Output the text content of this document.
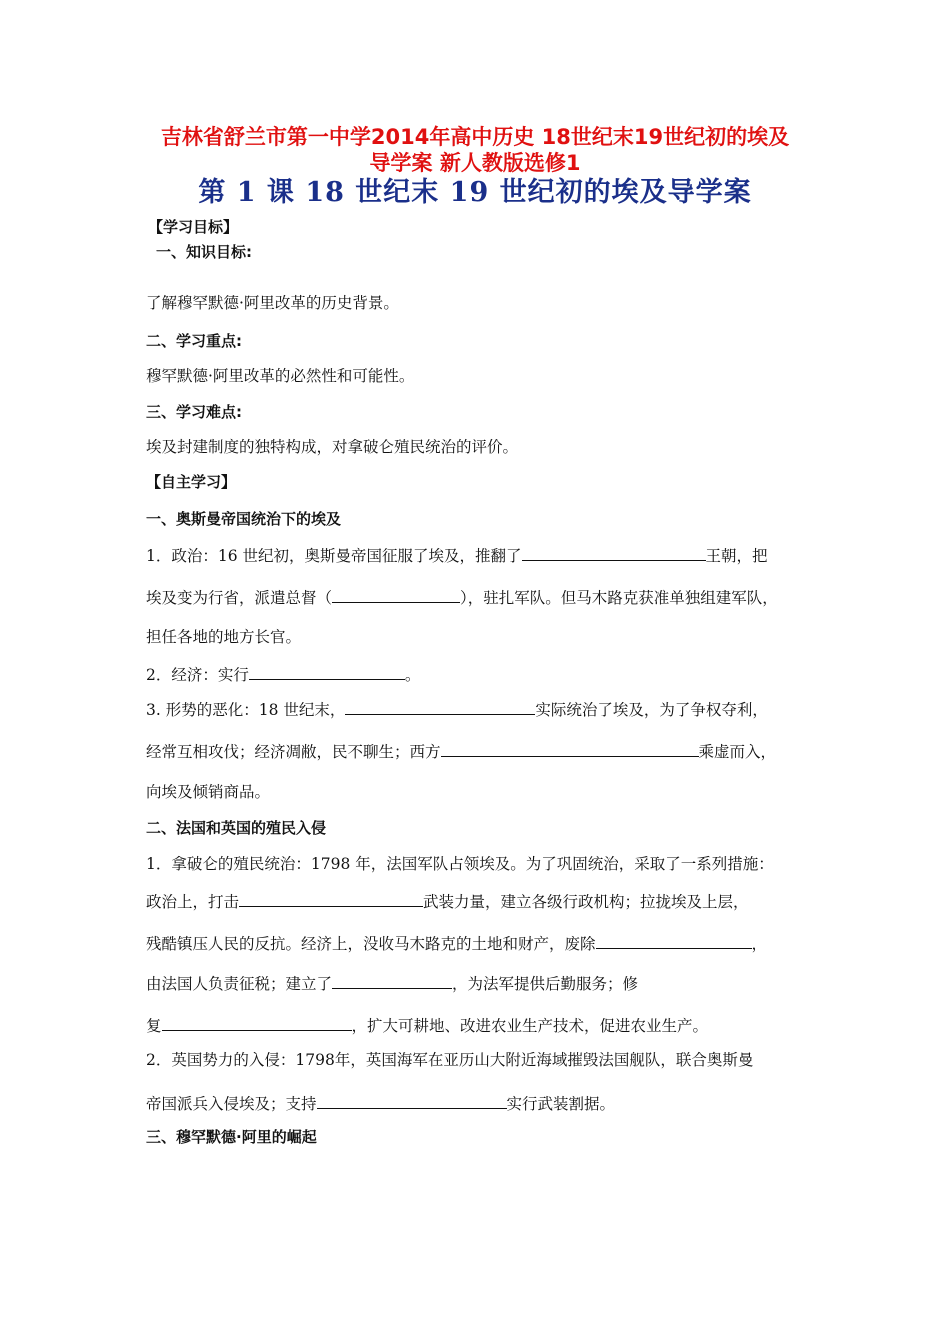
吉林省舒兰市第一中学2014年高中历史 18世纪末19世纪初的埃及
导学案 新人教版选修1
第 1 课 18 世纪末 19 世纪初的埃及导学案
【学习目标】
一、知识目标:
了解穆罕默德·阿里改革的历史背景。
二、学习重点:
穆罕默德·阿里改革的必然性和可能性。
三、学习难点:
埃及封建制度的独特构成，对拿破仑殖民统治的评价。
【自主学习】
一、奥斯曼帝国统治下的埃及
1．政治：16 世纪初，奥斯曼帝国征服了埃及，推翻了	王朝，把
埃及变为行省，派遣总督（	），驻扎军队。但马木路克获准单独组建军队，
担任各地的地方长官。
2．经济：实行	。
3. 形势的恶化：18 世纪末，	实际统治了埃及，为了争权夺利，
经常互相攻伐；经济凋敝，民不聊生；西方	乘虚而入，
向埃及倾销商品。
二、法国和英国的殖民入侵
1．拿破仑的殖民统治：1798 年，法国军队占领埃及。为了巩固统治，采取了一系列措施：
政治上，打击	武装力量，建立各级行政机构；拉拢埃及上层，
残酷镇压人民的反抗。经济上，没收马木路克的土地和财产，废除	，
由法国人负责征税；建立了	，为法军提供后勤服务；修
复	，扩大可耕地、改进农业生产技术，促进农业生产。
2．英国势力的入侵：1798年，英国海军在亚历山大附近海域摧毁法国舰队，联合奥斯曼
帝国派兵入侵埃及；支持	实行武装割据。
三、穆罕默德·阿里的崛起
